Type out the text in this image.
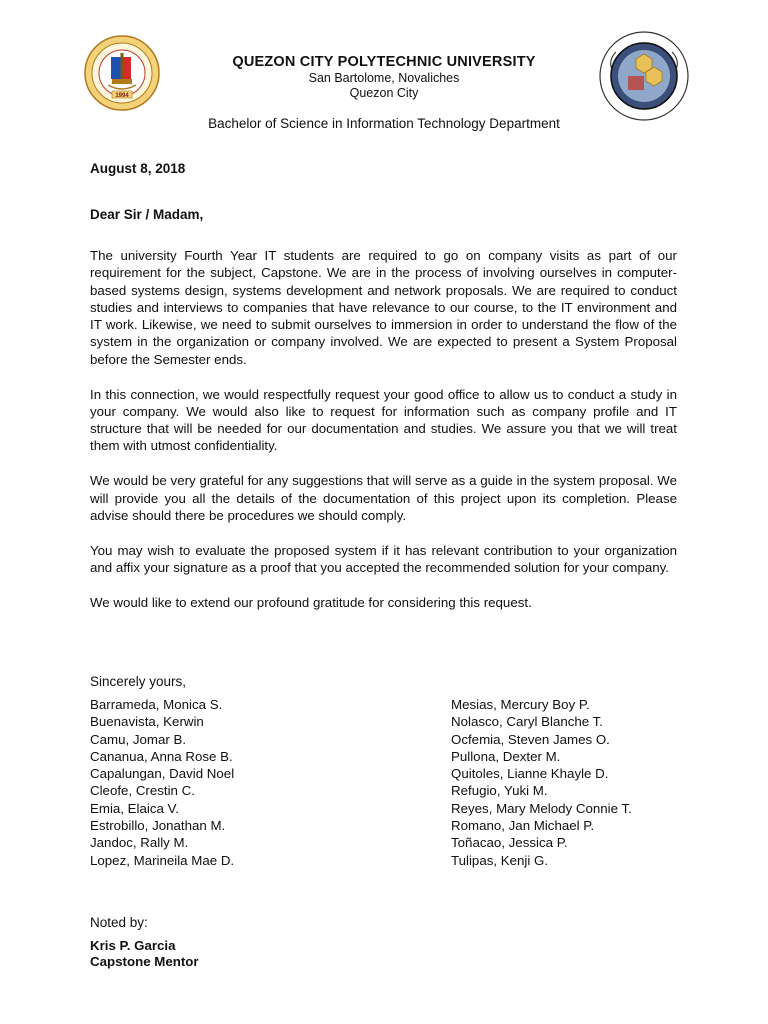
1994
QUEZON CITY POLYTECHNIC UNIVERSITY
San Bartolome, Novaliches
Quezon City
Bachelor of Science in Information Technology Department
August 8, 2018
Dear Sir / Madam,

The university Fourth Year IT students are required to go on company visits as part of our requirement for the subject, Capstone. We are in the process of involving ourselves in computer-based systems design, systems development and network proposals. We are required to conduct studies and interviews to companies that have relevance to our course, to the IT environment and IT work. Likewise, we need to submit ourselves to immersion in order to understand the flow of the system in the organization or company involved. We are expected to present a System Proposal before the Semester ends.

In this connection, we would respectfully request your good office to allow us to conduct a study in your company. We would also like to request for information such as company profile and IT structure that will be needed for our documentation and studies. We assure you that we will treat them with utmost confidentiality.

We would be very grateful for any suggestions that will serve as a guide in the system proposal. We will provide you all the details of the documentation of this project upon its completion. Please advise should there be procedures we should comply.

You may wish to evaluate the proposed system if it has relevant contribution to your organization and affix your signature as a proof that you accepted the recommended solution for your company.

We would like to extend our profound gratitude for considering this request.

Sincerely yours,
Barrameda, Monica S.
Buenavista, Kerwin
Camu, Jomar B.
Cananua, Anna Rose B.
Capalungan, David Noel
Cleofe, Crestin C.
Emia, Elaica V.
Estrobillo, Jonathan M.
Jandoc, Rally M.
Lopez, Marineila Mae D.
Mesias, Mercury Boy P.
Nolasco, Caryl Blanche T.
Ocfemia, Steven James O.
Pullona, Dexter M.
Quitoles, Lianne Khayle D.
Refugio, Yuki M.
Reyes, Mary Melody Connie T.
Romano, Jan Michael P.
Toñacao, Jessica P.
Tulipas, Kenji G.
Noted by:
Kris P. Garcia
Capstone Mentor
